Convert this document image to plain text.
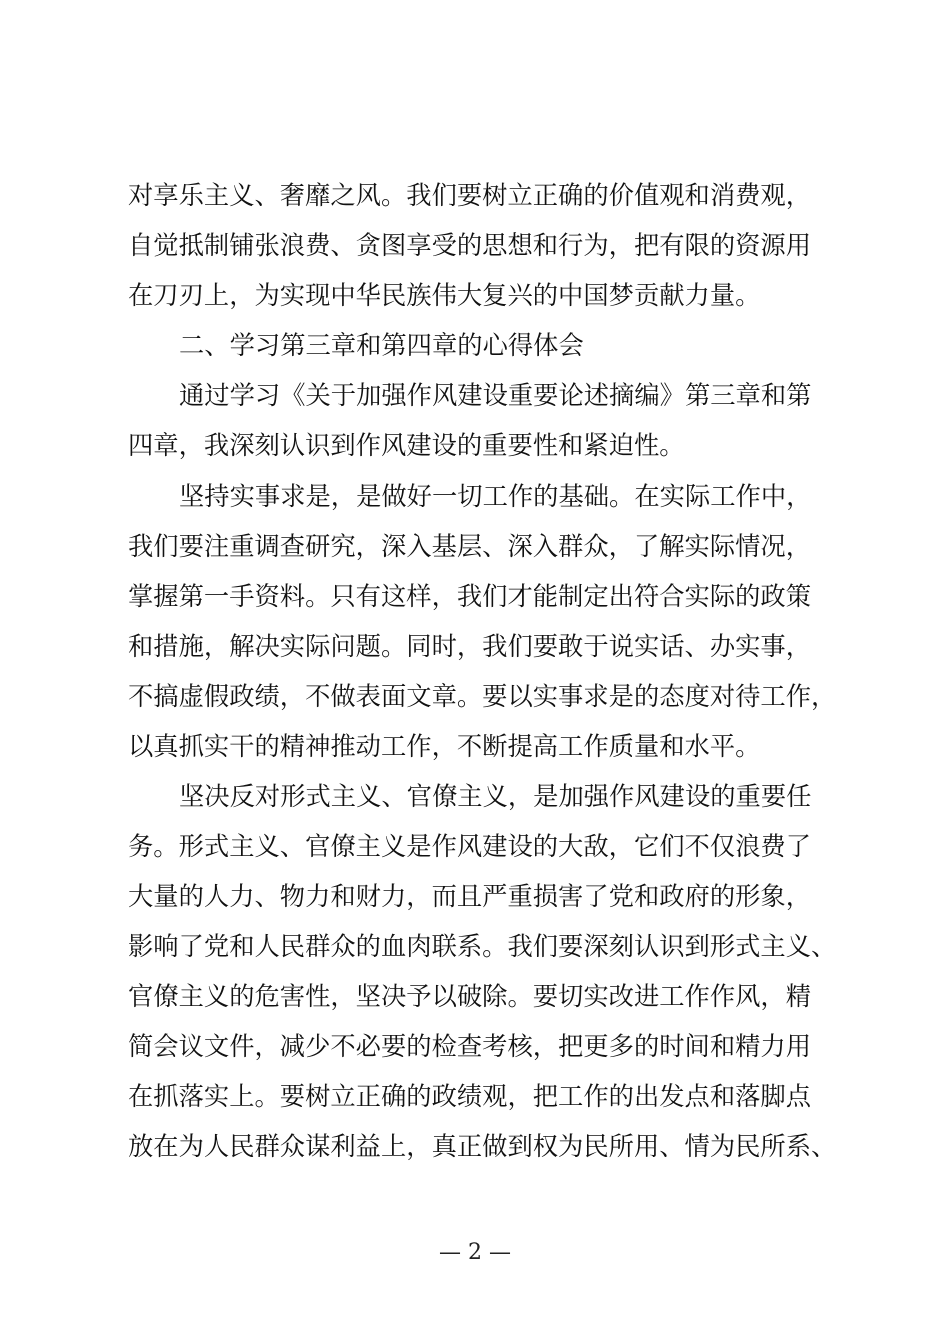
对享乐主义、奢靡之风。我们要树立正确的价值观和消费观，
自觉抵制铺张浪费、贪图享受的思想和行为，把有限的资源用
在刀刃上，为实现中华民族伟大复兴的中国梦贡献力量。
二、学习第三章和第四章的心得体会
通过学习《关于加强作风建设重要论述摘编》第三章和第
四章，我深刻认识到作风建设的重要性和紧迫性。
坚持实事求是，是做好一切工作的基础。在实际工作中，
我们要注重调查研究，深入基层、深入群众，了解实际情况，
掌握第一手资料。只有这样，我们才能制定出符合实际的政策
和措施，解决实际问题。同时，我们要敢于说实话、办实事，
不搞虚假政绩，不做表面文章。要以实事求是的态度对待工作，
以真抓实干的精神推动工作，不断提高工作质量和水平。
坚决反对形式主义、官僚主义，是加强作风建设的重要任
务。形式主义、官僚主义是作风建设的大敌，它们不仅浪费了
大量的人力、物力和财力，而且严重损害了党和政府的形象，
影响了党和人民群众的血肉联系。我们要深刻认识到形式主义、
官僚主义的危害性，坚决予以破除。要切实改进工作作风，精
简会议文件，减少不必要的检查考核，把更多的时间和精力用
在抓落实上。要树立正确的政绩观，把工作的出发点和落脚点
放在为人民群众谋利益上，真正做到权为民所用、情为民所系、
— 2 —
